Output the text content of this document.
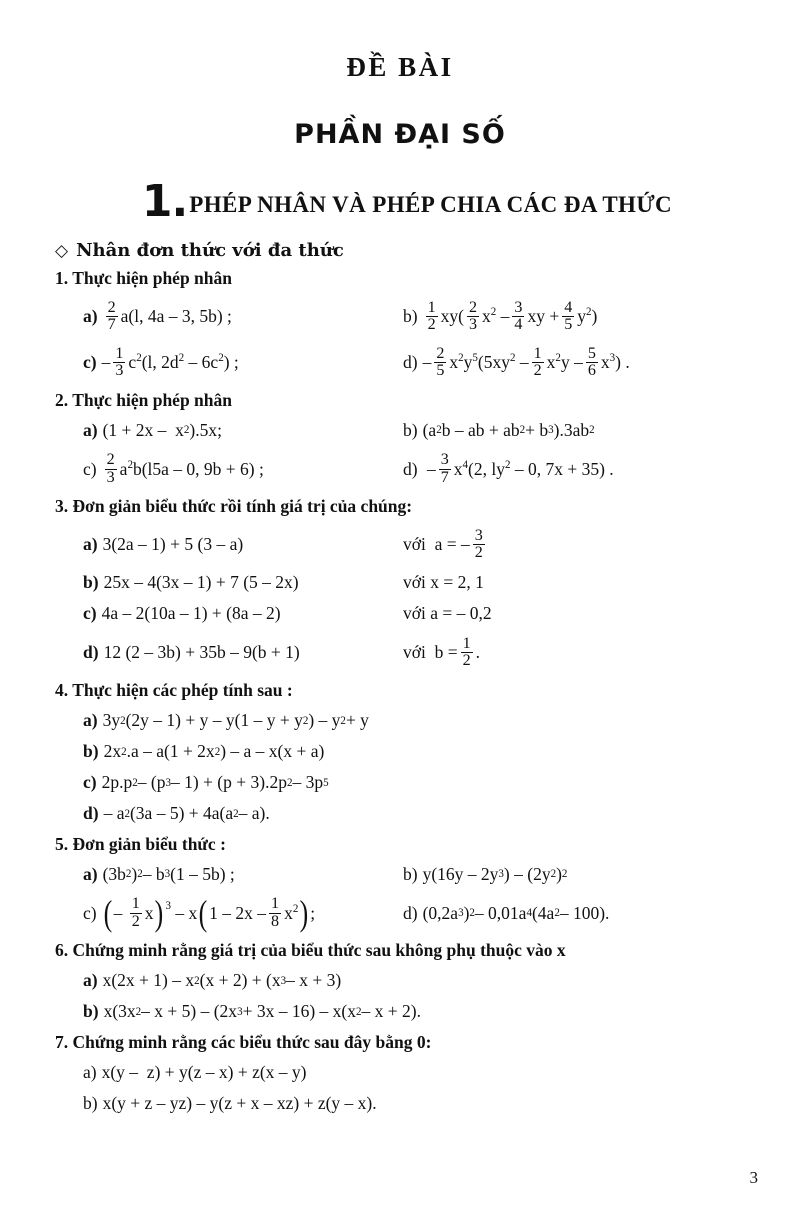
ĐỀ BÀI
PHẦN ĐẠI SỐ
1. PHÉP NHÂN VÀ PHÉP CHIA CÁC ĐA THỨC
◇ Nhân đơn thức với đa thức
1. Thực hiện phép nhân
$a) \frac{2}{7} a(l$, 4a – 3, 5b) ;	$b) \frac{1}{2} xy( \frac{2}{3} x^2 - \frac{3}{4}$ xy + $\frac{4}{5} y^2$)
$c) - \frac{1}{3} c^2(l$, $2d^2 - 6c^2$) ;	$d) - \frac{2}{5} x^2y^5(5xy^2 - \frac{1}{2} x^2y - \frac{5}{6} x^3)$ .
2. Thực hiện phép nhân
a) (1 + 2x –  x 2 ).5x;	b) (a 2 b – ab + ab 2 + b 3 ).3ab 2
$c) \frac{2}{3} a^2b(l5a - 0$, 9b + 6) ;	$d) - \frac{3}{7} x^4(2$, $ly^2 - 0$, 7x + 35) .
3. Đơn giản biểu thức rồi tính giá trị của chúng:
a) 3(2a – 1) + 5 (3 – a)	với a = – $\frac{3}{2}$
b) 25x – 4(3x – 1) + 7 (5 – 2x)	với x = 2, 1
c) 4a – 2(10a – 1) + (8a – 2)	với a = – 0,2
d) 12 (2 – 3b) + 35b – 9(b + 1)	với $b = \frac{1}{2}$ .
4. Thực hiện các phép tính sau :
a) 3y 2 (2y – 1) + y – y(1 – y + y 2 ) – y 2 + y
b) 2x 2 .a – a(1 + 2x 2 ) – a – x(x + a)
c) 2p.p 2 – (p 3 – 1) + (p + 3).2p 2 – 3p 5
d) – a 2 (3a – 5) + 4a(a 2 – a).
5. Đơn giản biểu thức :
a) (3b 2 ) 2 – b 3 (1 – 5b) ;	b) y(16y – 2y 3 ) – (2y 2 ) 2
c) ( – $\frac{1}{2}$ x ) 3 – x ( $1 - 2x - \frac{1}{8} x^2$ ) ;	d) (0,2a 3 ) 2 – 0,01a 4 (4a 2 – 100).
6. Chứng minh rằng giá trị của biểu thức sau không phụ thuộc vào x
a) x(2x + 1) – x 2 (x + 2) + (x 3 – x + 3)
b) x(3x 2 – x + 5) – (2x 3 + 3x – 16) – x(x 2 – x + 2).
7. Chứng minh rằng các biểu thức sau đây bằng 0:
a) x(y –  z) + y(z – x) + z(x – y)
b) x(y + z – yz) – y(z + x – xz) + z(y – x).
3
